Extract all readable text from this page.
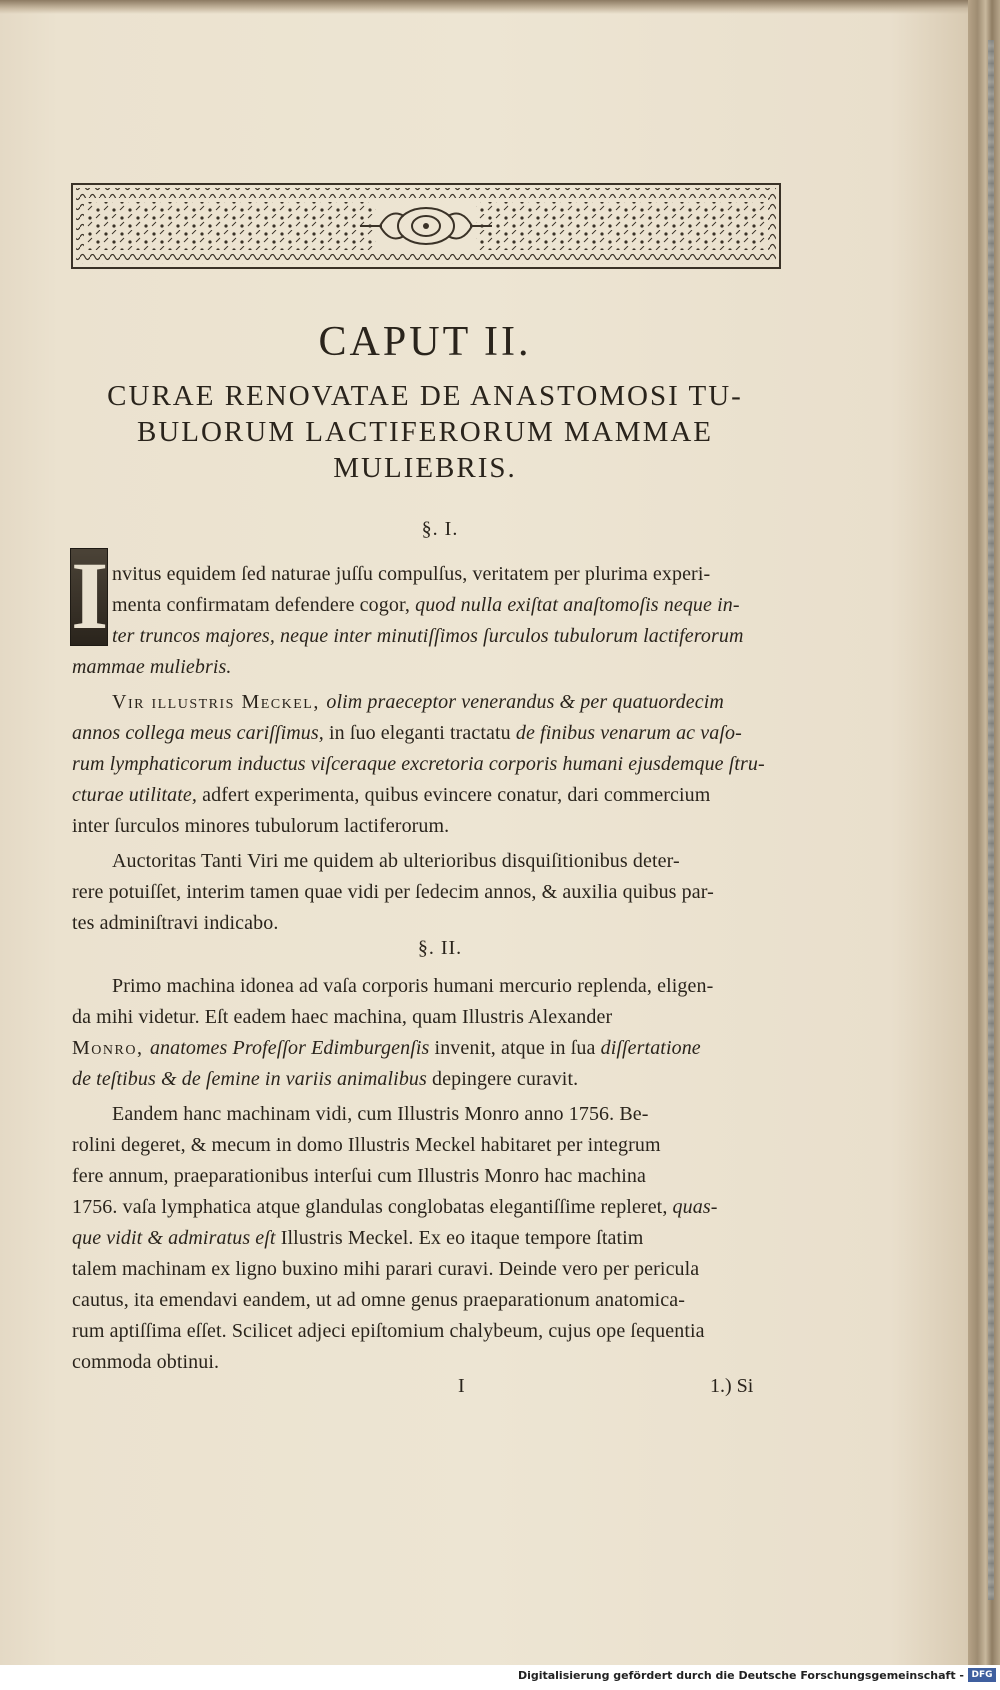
CAPUT II.
CURAE RENOVATAE DE ANASTOMOSI TU-
BULORUM LACTIFERORUM MAMMAE
MULIEBRIS.
§. I.
§. II.
I nvitus equidem ſed naturae juſſu compulſus, veritatem per plurima experi-
menta confirmatam defendere cogor, quod nulla exiſtat anaſtomoſis neque in-
ter truncos majores, neque inter minutiſſimos ſurculos tubulorum lactiferorum
mammae muliebris.
Vir illustris Meckel, olim praeceptor venerandus & per quatuordecim
annos collega meus cariſſimus, in ſuo eleganti tractatu de finibus venarum ac vaſo-
rum lymphaticorum inductus viſceraque excretoria corporis humani ejusdemque ſtru-
cturae utilitate, adfert experimenta, quibus evincere conatur, dari commercium
inter ſurculos minores tubulorum lactiferorum.
Auctoritas Tanti Viri me quidem ab ulterioribus disquiſitionibus deter-
rere potuiſſet, interim tamen quae vidi per ſedecim annos, & auxilia quibus par-
tes adminiſtravi indicabo.
Primo machina idonea ad vaſa corporis humani mercurio replenda, eligen-
da mihi videtur. Eſt eadem haec machina, quam Illustris Alexander
Monro, anatomes Profeſſor Edimburgenſis invenit, atque in ſua diſſertatione
de teſtibus & de ſemine in variis animalibus depingere curavit.
Eandem hanc machinam vidi, cum Illustris Monro anno 1756. Be-
rolini degeret, & mecum in domo Illustris Meckel habitaret per integrum
fere annum, praeparationibus interſui cum Illustris Monro hac machina
1756. vaſa lymphatica atque glandulas conglobatas elegantiſſime repleret, quas-
que vidit & admiratus eſt Illustris Meckel. Ex eo itaque tempore ſtatim
talem machinam ex ligno buxino mihi parari curavi. Deinde vero per pericula
cautus, ita emendavi eandem, ut ad omne genus praeparationum anatomica-
rum aptiſſima eſſet. Scilicet adjeci epiſtomium chalybeum, cujus ope ſequentia
commoda obtinui.
I	1.) Si
Digitalisierung gefördert durch die Deutsche Forschungsgemeinschaft - DFG
